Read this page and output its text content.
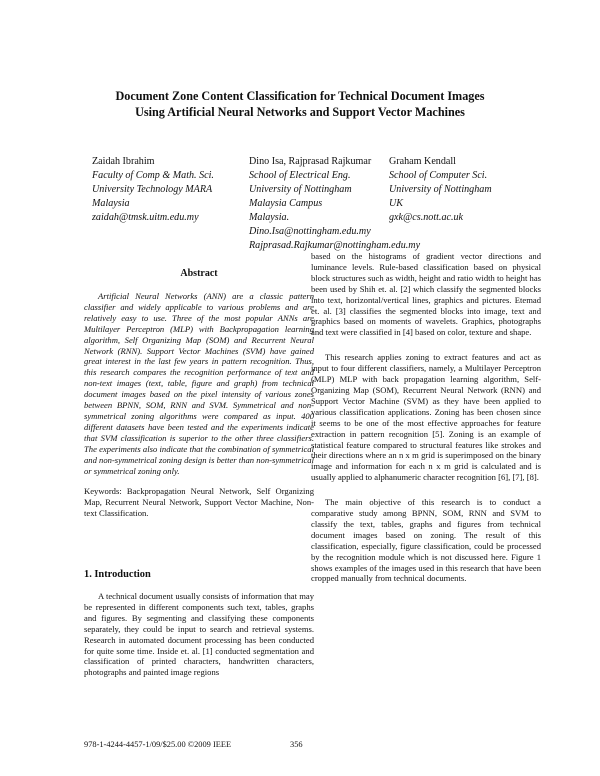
Document Zone Content Classification for Technical Document Images
Using Artificial Neural Networks and Support Vector Machines
Zaidah Ibrahim
Faculty of Comp & Math. Sci.
University Technology MARA
Malaysia
zaidah@tmsk.uitm.edu.my
Dino Isa, Rajprasad Rajkumar
School of Electrical Eng.
University of Nottingham
Malaysia Campus
Malaysia.
Dino.Isa@nottingham.edu.my
Rajprasad.Rajkumar@nottingham.edu.my
Graham Kendall
School of Computer Sci.
University of Nottingham
UK
gxk@cs.nott.ac.uk
Abstract

Artificial Neural Networks (ANN) are a classic pattern classifier and widely applicable to various problems and are relatively easy to use. Three of the most popular ANNs are Multilayer Perceptron (MLP) with Backpropagation learning algorithm, Self Organizing Map (SOM) and Recurrent Neural Network (RNN). Support Vector Machines (SVM) have gained great interest in the last few years in pattern recognition. Thus, this research compares the recognition performance of text and non-text images (text, table, figure and graph) from technical document images based on the pixel intensity of various zones between BPNN, SOM, RNN and SVM. Symmetrical and non-symmetrical zoning algorithms were compared as input. 400 different datasets have been tested and the experiments indicate that SVM classification is superior to the other three classifiers. The experiments also indicate that the combination of symmetrical and non-symmetrical zoning design is better than non-symmetrical or symmetrical zoning only.

Keywords: Backpropagation Neural Network, Self Organizing Map, Recurrent Neural Network, Support Vector Machine, Non-text Classification.

1. Introduction

A technical document usually consists of information that may be represented in different components such text, tables, graphs and figures. By segmenting and classifying these components separately, they could be input to search and retrieval systems. Research in automated document processing has been conducted for quite some time. Inside et. al. [1] conducted segmentation and classification of printed characters, handwritten characters, photographs and painted image regions

based on the histograms of gradient vector directions and luminance levels. Rule-based classification based on physical block structures such as width, height and ratio width to height has been used by Shih et. al. [2] which classify the segmented blocks into text, horizontal/vertical lines, graphics and pictures. Etemad et. al. [3] classifies the segmented blocks into image, text and graphics based on moments of wavelets. Graphics, photographs and text were classified in [4] based on color, texture and shape.

This research applies zoning to extract features and act as input to four different classifiers, namely, a Multilayer Perceptron (MLP) MLP with back propagation learning algorithm, Self-Organizing Map (SOM), Recurrent Neural Network (RNN) and Support Vector Machine (SVM) as they have been applied to various classification applications. Zoning has been chosen since it seems to be one of the most effective approaches for feature extraction in pattern recognition [5]. Zoning is an example of statistical feature compared to structural features like strokes and their directions where an n x m grid is superimposed on the binary image and information for each n x m grid is calculated and is usually applied to alphanumeric character recognition [6], [7], [8].

The main objective of this research is to conduct a comparative study among BPNN, SOM, RNN and SVM to classify the text, tables, graphs and figures from technical document images based on zoning. The result of this classification, especially, figure classification, could be processed by the recognition module which is not discussed here. Figure 1 shows examples of the images used in this research that have been cropped manually from technical documents.

978-1-4244-4457-1/09/$25.00 ©2009 IEEE	356
